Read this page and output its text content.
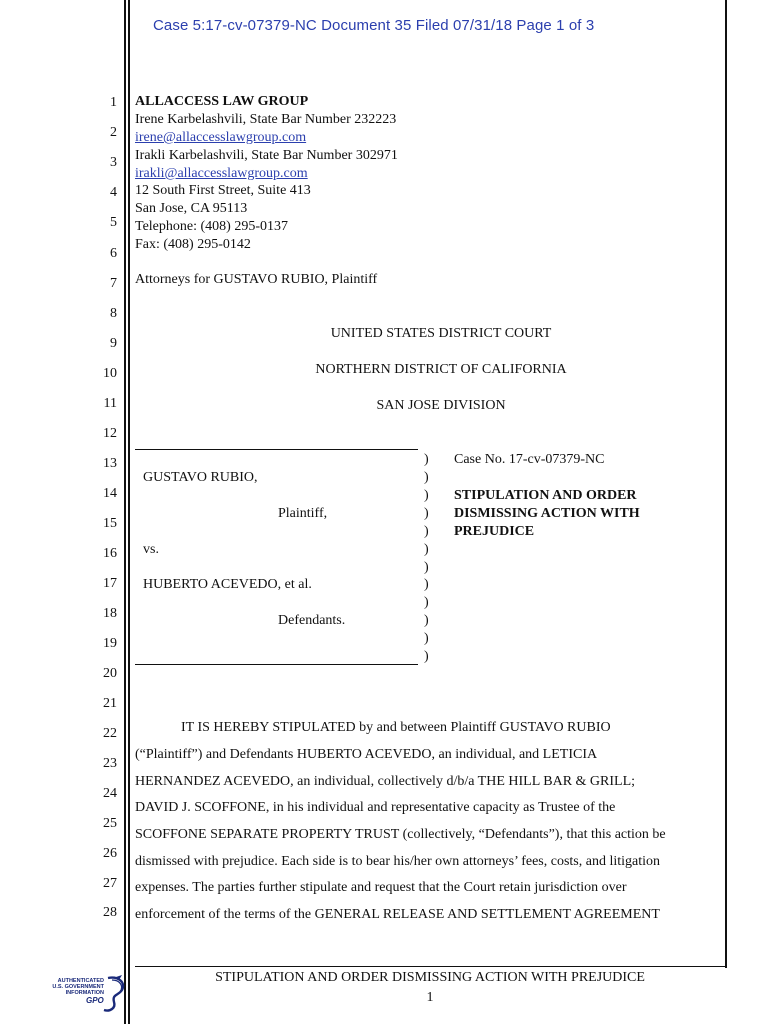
Case 5:17-cv-07379-NC Document 35 Filed 07/31/18 Page 1 of 3
1
2
3
4
5
6
7
8
9
10
11
12
13
14
15
16
17
18
19
20
21
22
23
24
25
26
27
28
ALLACCESS LAW GROUP
Irene Karbelashvili, State Bar Number 232223
irene@allaccesslawgroup.com
Irakli Karbelashvili, State Bar Number 302971
irakli@allaccesslawgroup.com
12 South First Street, Suite 413
San Jose, CA 95113
Telephone: (408) 295-0137
Fax: (408) 295-0142
Attorneys for GUSTAVO RUBIO, Plaintiff
UNITED STATES DISTRICT COURT
NORTHERN DISTRICT OF CALIFORNIA
SAN JOSE DIVISION
GUSTAVO RUBIO,
Plaintiff,
vs.
HUBERTO ACEVEDO, et al.
Defendants.
)
)
)
)
)
)
)
)
)
)
)
)
Case No. 17-cv-07379-NC
STIPULATION AND ORDER
DISMISSING ACTION WITH
PREJUDICE
IT IS HEREBY STIPULATED by and between Plaintiff GUSTAVO RUBIO
(“Plaintiff”) and Defendants HUBERTO ACEVEDO, an individual, and LETICIA
HERNANDEZ ACEVEDO, an individual, collectively d/b/a THE HILL BAR & GRILL;
DAVID J. SCOFFONE, in his individual and representative capacity as Trustee of the
SCOFFONE SEPARATE PROPERTY TRUST (collectively, “Defendants”), that this action be
dismissed with prejudice. Each side is to bear his/her own attorneys’ fees, costs, and litigation
expenses. The parties further stipulate and request that the Court retain jurisdiction over
enforcement of the terms of the GENERAL RELEASE AND SETTLEMENT AGREEMENT
STIPULATION AND ORDER DISMISSING ACTION WITH PREJUDICE
1
AUTHENTICATED
U.S. GOVERNMENT
INFORMATION
GPO
